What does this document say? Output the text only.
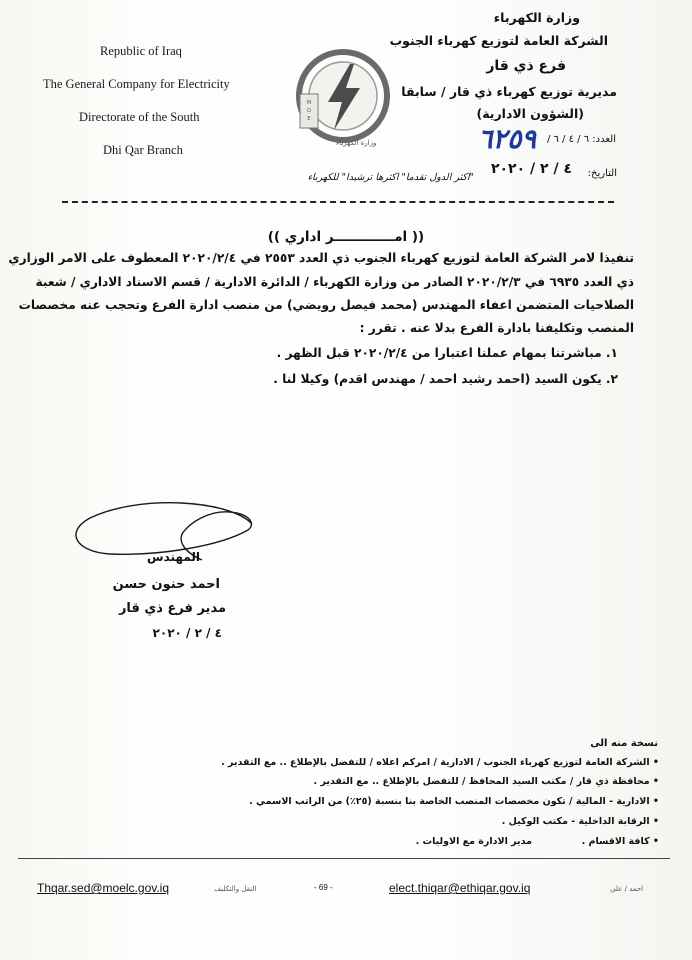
Republic of Iraq
The General Company for Electricity
Directorate of the South
Dhi Qar Branch
M
O
E
وزارة الكهرباء
وزارة الكهرباء
الشركة العامة لتوزيع كهرباء الجنوب
فرع ذي قار
مديرية توزيع كهرباء ذي قار / سابقا
(الشؤون الادارية)
العدد: ٦ / ٤ / ٦ /
٦٢٥٩
التاريخ:
٤ / ٢ / ٢٠٢٠
"اكثر الدول تقدما" اكثرها ترشيدا" للكهرباء
(( امـــــــــــــر اداري ))
تنفيذا لامر الشركة العامة لتوزيع كهرباء الجنوب ذي العدد ٢٥٥٣ في ٢٠٢٠/٢/٤ المعطوف على الامر الوزاري
ذي العدد ٦٩٣٥ في ٢٠٢٠/٢/٣ الصادر من وزارة الكهرباء / الدائرة الادارية / قسم الاسناد الاداري / شعبة
الصلاحيات المتضمن اعفاء المهندس (محمد فيصل رويضي) من منصب ادارة الفرع وتحجب عنه مخصصات
المنصب وتكليفنا بادارة الفرع بدلا عنه . تقرر :
١. مباشرتنا بمهام عملنا اعتبارا من ٢٠٢٠/٢/٤ قبل الظهر .
٢. يكون السيد (احمد رشيد احمد / مهندس اقدم) وكيلا لنا .
المهندس
احمد حنون حسن
مدير فرع ذي قار
٤ / ٢ / ٢٠٢٠
نسخة منه الى
• الشركة العامة لتوزيع كهرباء الجنوب / الادارية / امركم اعلاه / للتفضل بالإطلاع .. مع التقدير .
• محافظة ذي قار / مكتب السيد المحافظ / للتفضل بالإطلاع .. مع التقدير .
• الادارية - المالية / تكون مخصصات المنصب الخاصة بنا بنسبة (٢٥٪) من الراتب الاسمي .
• الرقابة الداخلية - مكتب الوكيل .
• كافة الاقسام .
مدير الادارة مع الاوليات .
Thqar.sed@moelc.gov.iq	النقل والتكليف	- 69 -	elect.thiqar@ethiqar.gov.iq	احمد / علي
